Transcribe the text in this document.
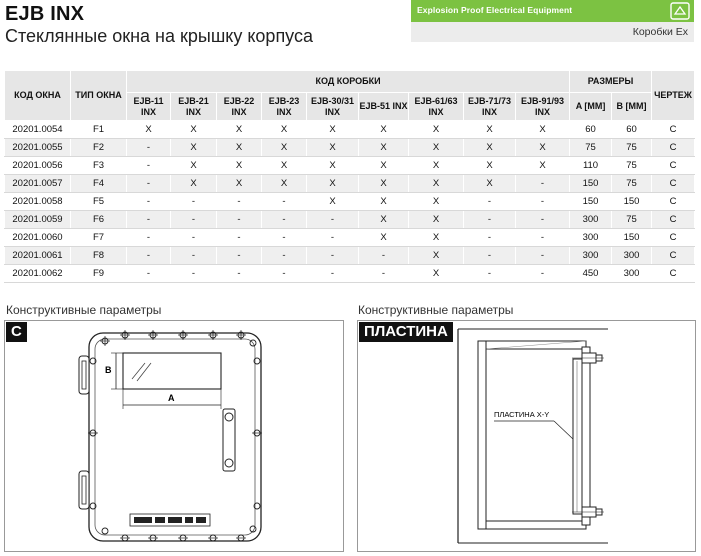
EJB INX
Стеклянные окна на крышку корпуса
Explosion Proof Electrical Equipment
Коробки Ex
КОД ОКНА	ТИП ОКНА	КОД КОРОБКИ									РАЗМЕРЫ		ЧЕРТЕЖ
		EJB-11 INX	EJB-21 INX	EJB-22 INX	EJB-23 INX	EJB-30/31 INX	EJB-51 INX	EJB-61/63 INX	EJB-71/73 INX	EJB-91/93 INX	A [MM]	B [MM]	
20201.0054	F1	X	X	X	X	X	X	X	X	X	60	60	C
20201.0055	F2	-	X	X	X	X	X	X	X	X	75	75	C
20201.0056	F3	-	X	X	X	X	X	X	X	X	110	75	C
20201.0057	F4	-	X	X	X	X	X	X	X	-	150	75	C
20201.0058	F5	-	-	-	-	X	X	X	-	-	150	150	C
20201.0059	F6	-	-	-	-	-	X	X	-	-	300	75	C
20201.0060	F7	-	-	-	-	-	X	X	-	-	300	150	C
20201.0061	F8	-	-	-	-	-	-	X	-	-	300	300	C
20201.0062	F9	-	-	-	-	-	-	X	-	-	450	300	C
Конструктивные параметры	Конструктивные параметры
C
B
A
ПЛАСТИНА
ПЛАСТИНА X-Y
